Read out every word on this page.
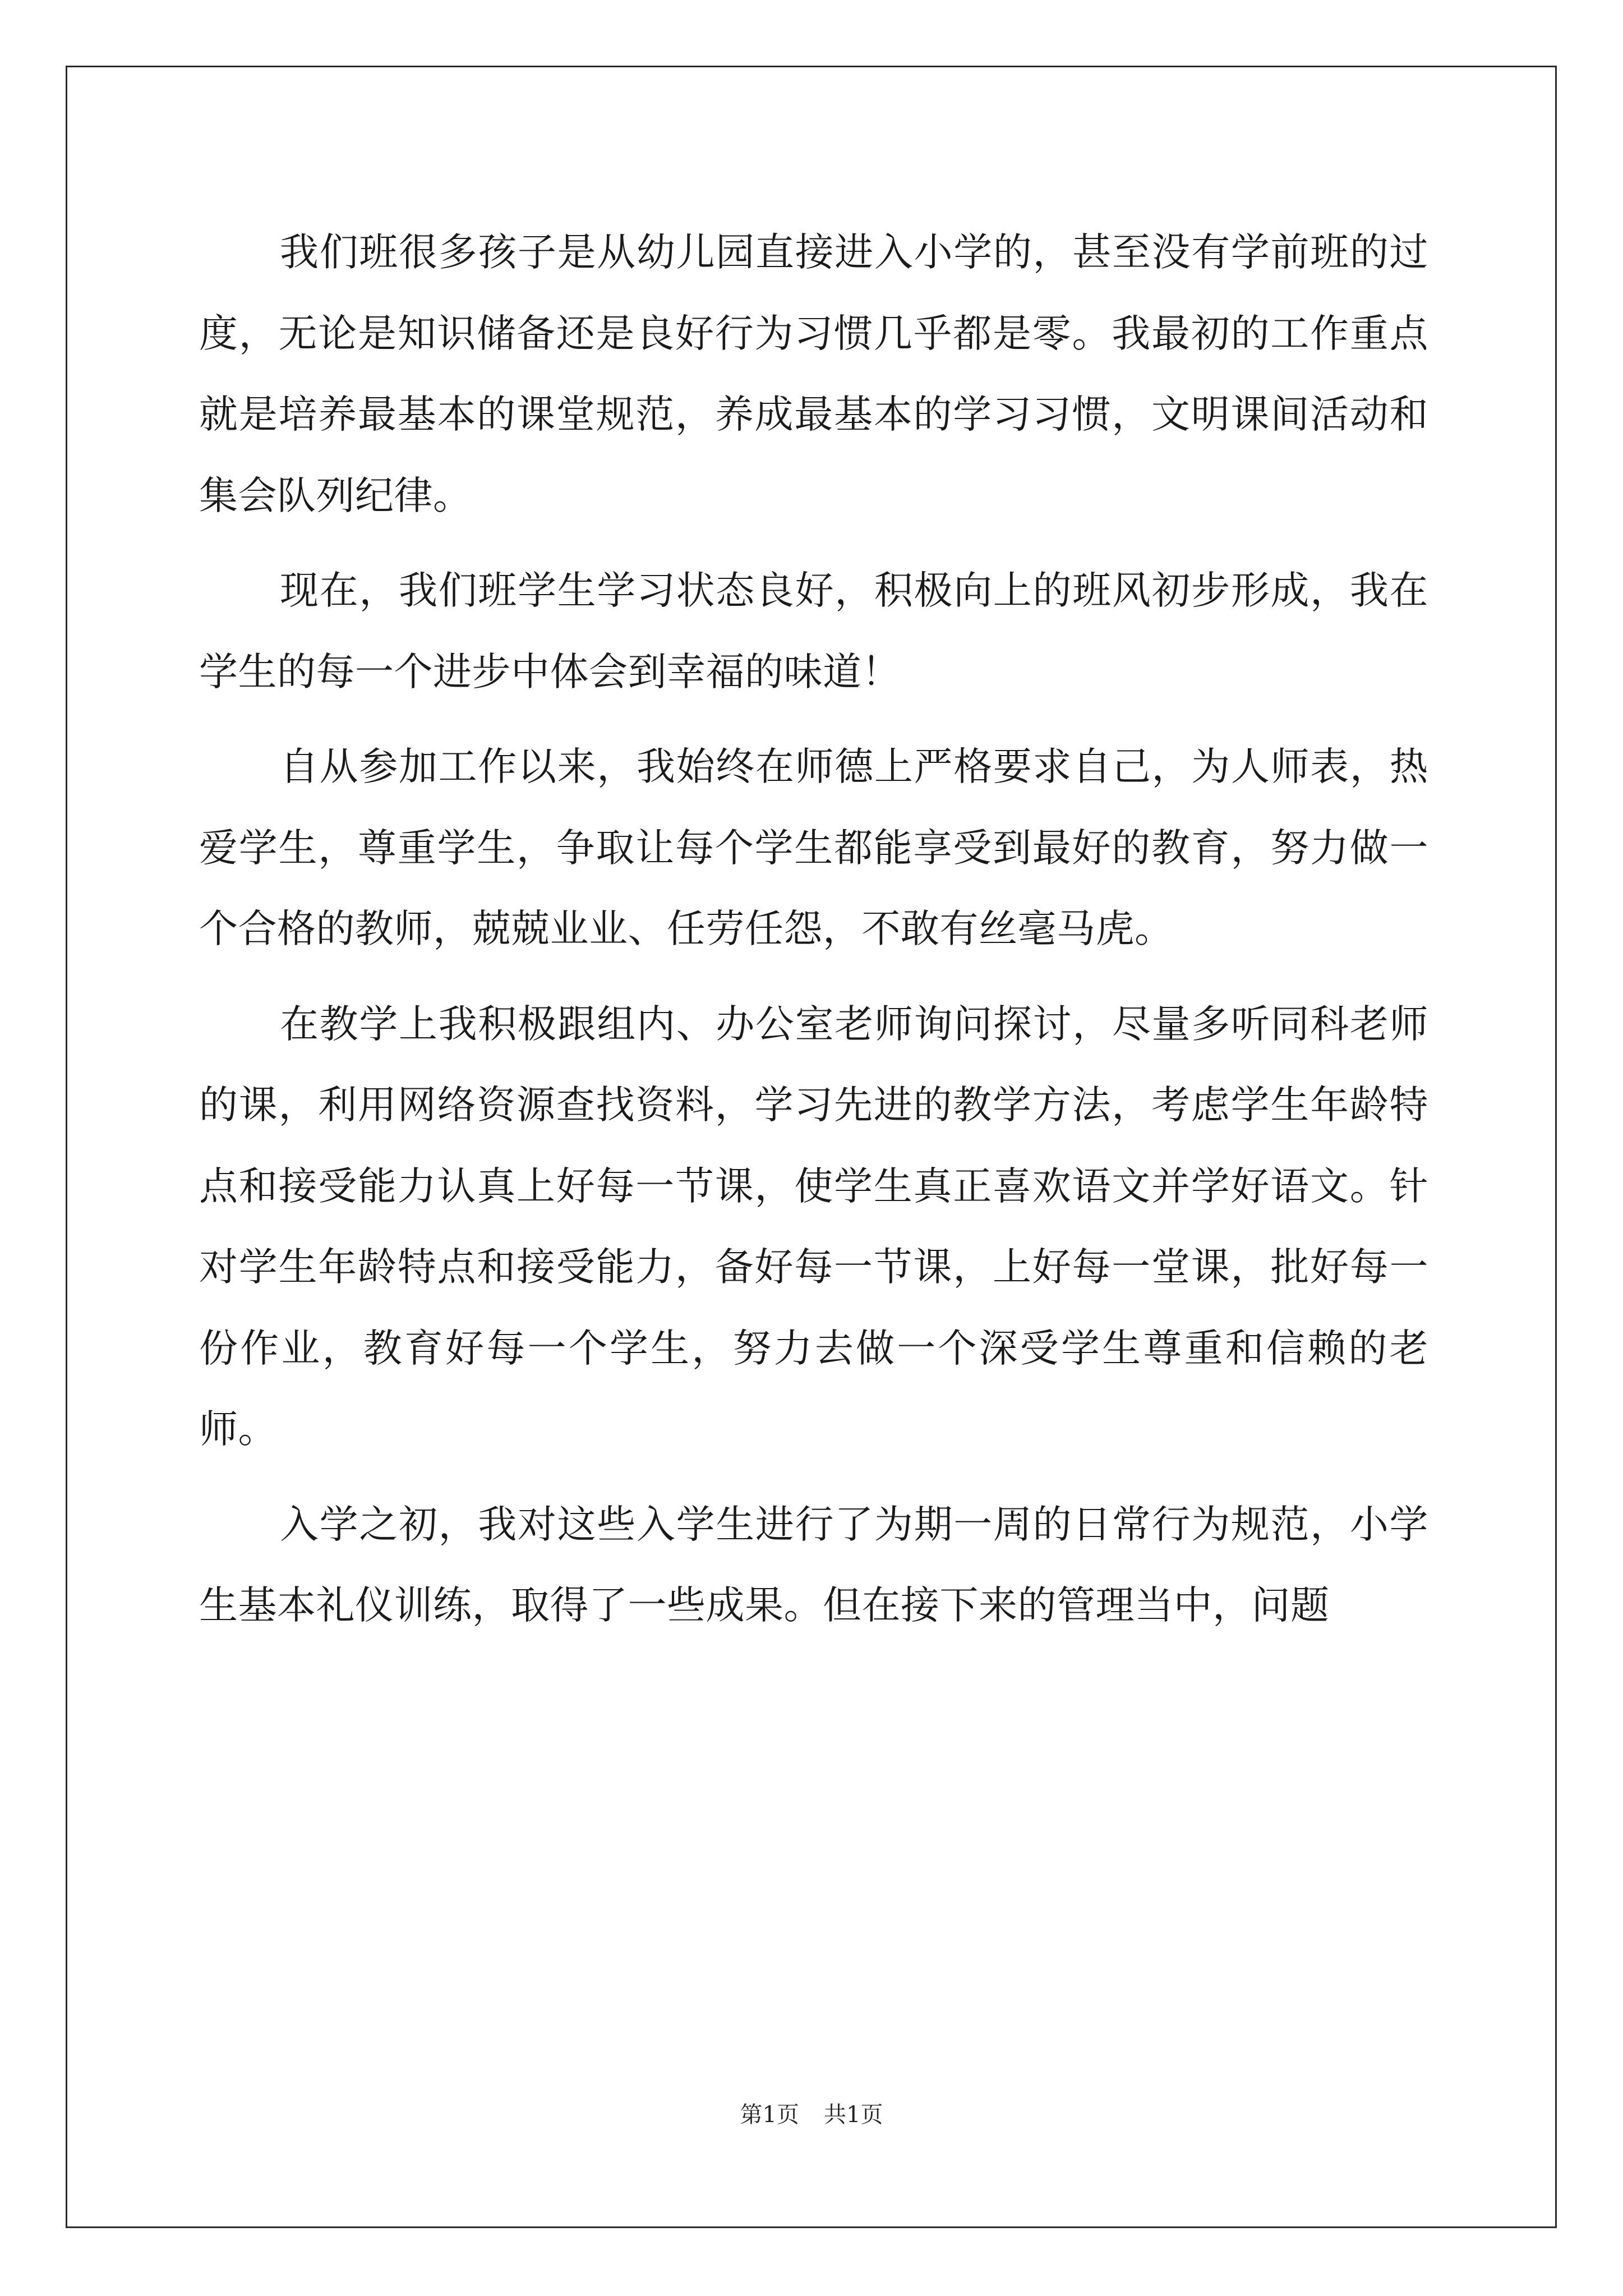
我们班很多孩子是从幼儿园直接进入小学的，甚至没有学前班的过度，无论是知识储备还是良好行为习惯几乎都是零。我最初的工作重点就是培养最基本的课堂规范，养成最基本的学习习惯，文明课间活动和集会队列纪律。

现在，我们班学生学习状态良好，积极向上的班风初步形成，我在学生的每一个进步中体会到幸福的味道！

自从参加工作以来，我始终在师德上严格要求自己，为人师表，热爱学生，尊重学生，争取让每个学生都能享受到最好的教育，努力做一个合格的教师，兢兢业业、任劳任怨，不敢有丝毫马虎。

在教学上我积极跟组内、办公室老师询问探讨，尽量多听同科老师的课，利用网络资源查找资料，学习先进的教学方法，考虑学生年龄特点和接受能力认真上好每一节课，使学生真正喜欢语文并学好语文。针对学生年龄特点和接受能力，备好每一节课，上好每一堂课，批好每一份作业，教育好每一个学生，努力去做一个深受学生尊重和信赖的老师。

入学之初，我对这些入学生进行了为期一周的日常行为规范，小学生基本礼仪训练，取得了一些成果。但在接下来的管理当中，问题

第1页 共1页
